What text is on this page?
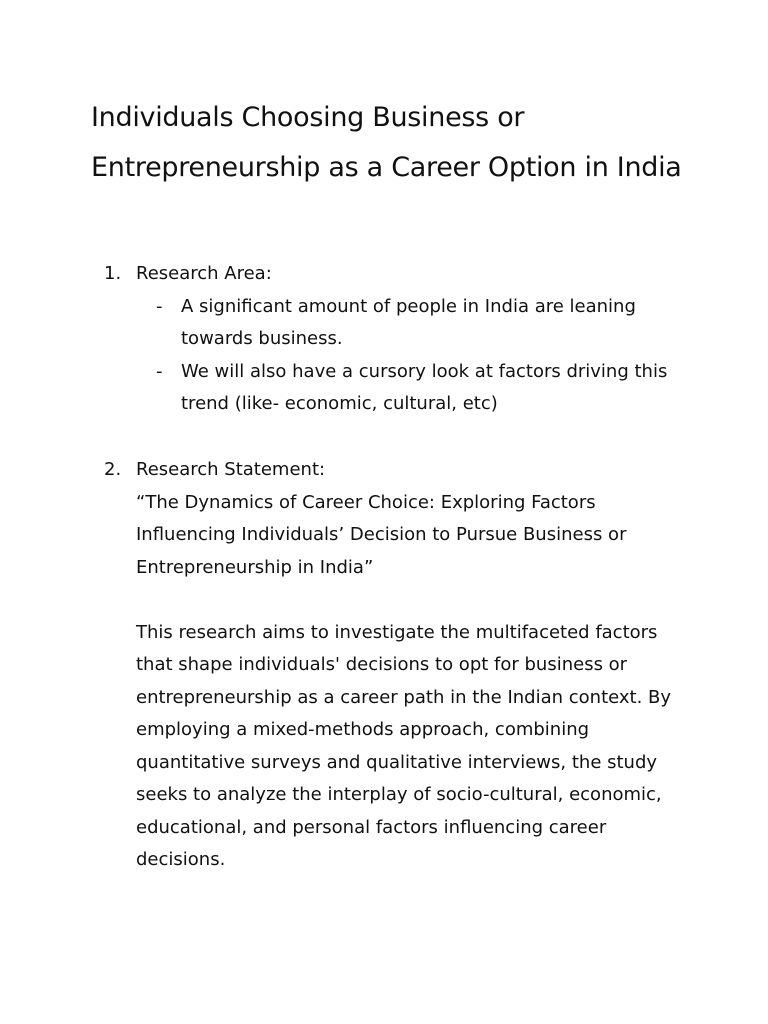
Individuals Choosing Business or Entrepreneurship as a Career Option in India
1. Research Area:
-	A significant amount of people in India are leaning towards business.
-	We will also have a cursory look at factors driving this trend (like- economic, cultural, etc)
2. Research Statement:

“The Dynamics of Career Choice: Exploring Factors Influencing Individuals’ Decision to Pursue Business or Entrepreneurship in India”

This research aims to investigate the multifaceted factors that shape individuals' decisions to opt for business or entrepreneurship as a career path in the Indian context. By employing a mixed-methods approach, combining quantitative surveys and qualitative interviews, the study seeks to analyze the interplay of socio-cultural, economic, educational, and personal factors influencing career decisions.
